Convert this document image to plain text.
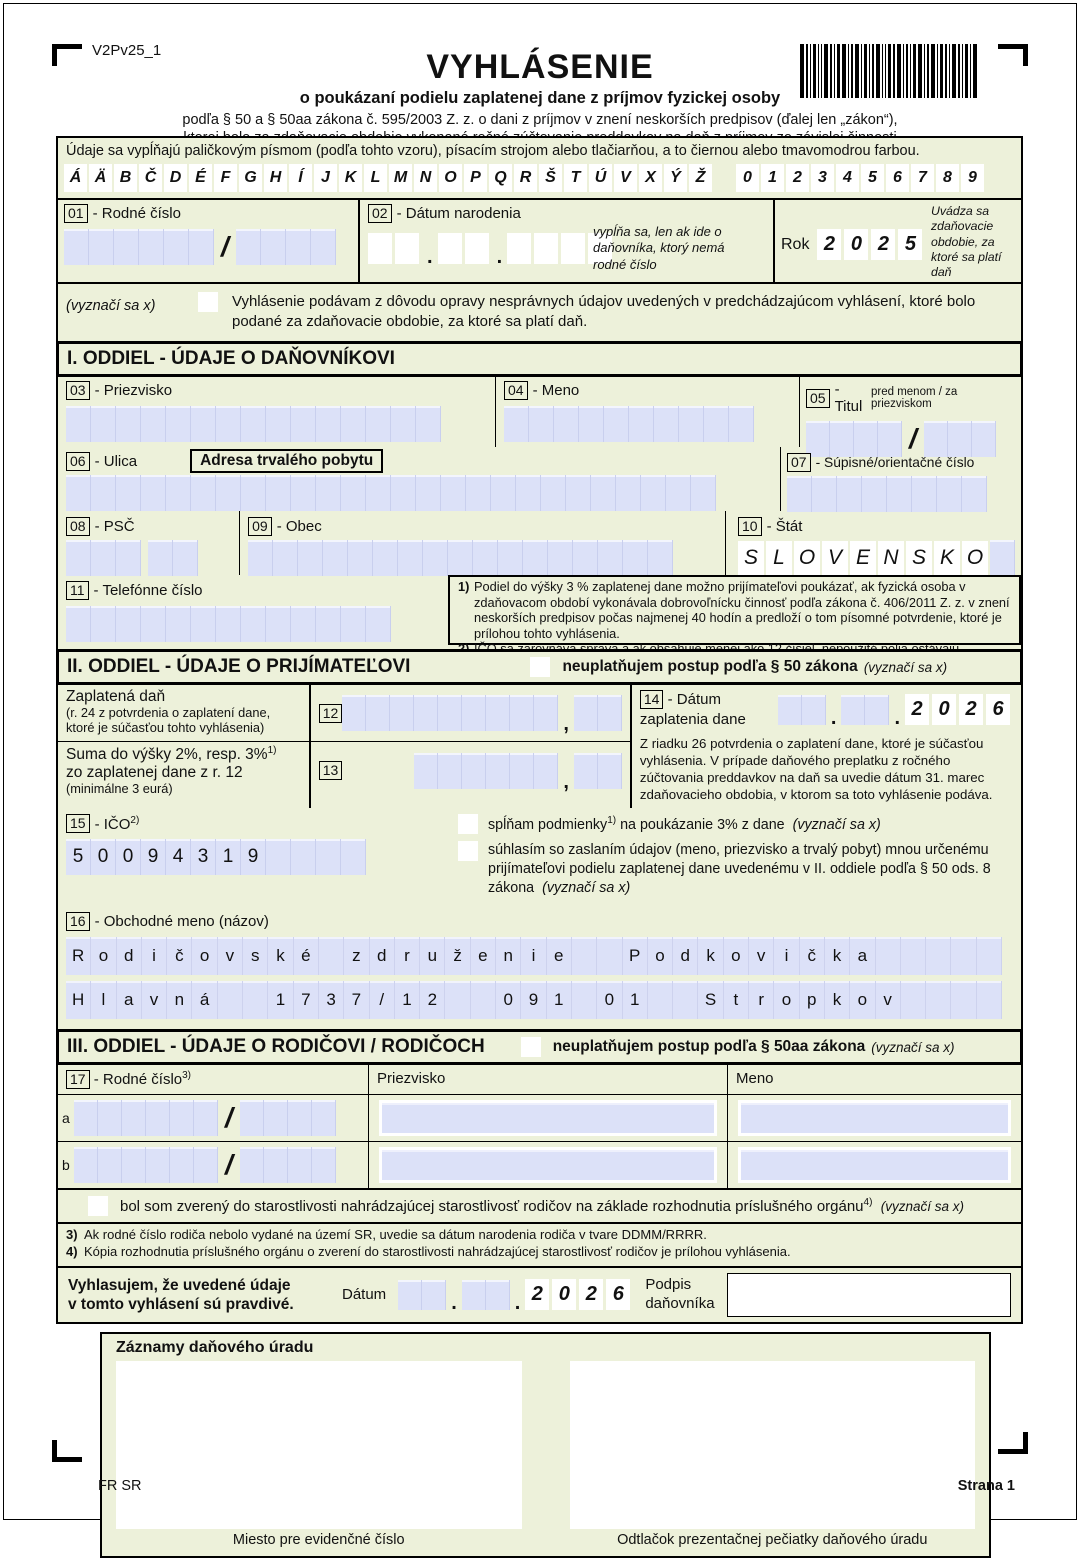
V2Pv25_1	VYHLÁSENIE
o poukázaní podielu zaplatenej dane z príjmov fyzickej osoby
podľa § 50 a § 50aa zákona č. 595/2003 Z. z. o dani z príjmov v znení neskorších predpisov (ďalej len „zákon“),
Údaje sa vypĺňajú paličkovým písmom (podľa tohto vzoru), písacím strojom alebo tlačiarňou, a to čiernou alebo tmavomodrou farbou.
Á Ä B Č D É F G H	Í	J K L M N O P Q R Š T Ú V X Ý Ž	0	1	2	3	4	5	6	7	8	9
01 - Rodné číslo

/

02 - Dátum narodenia

.

	.

vypĺňa sa, len ak ide o daňovníka, ktorý nemá rodné číslo
Uvádza sa zdaňovacie obdobie, za ktoré sa platí daň
Rok 2 0 2 5
(vyznačí sa x)	Vyhlásenie podávam z dôvodu opravy nesprávnych údajov uvedených v predchádzajúcom vyhlásení, ktoré bolo podané za zdaňovacie obdobie, za ktoré sa platí daň.
I. ODDIEL - ÚDAJE O DAŇOVNÍKOVI
03 - Priezvisko

	04 - Meno

	05 -Titul
pred menom / za priezviskom

/

06 - Ulica	Adresa trvalého pobytu

	07 - Súpisné/orientačné číslo

08 - PSČ

	09 - Obec

	10 - Štát
S L O V E N S K O

11 - Telefónne číslo

	1) Podiel do výšky 3 % zaplatenej dane možno prijímateľovi poukázať, ak fyzická osoba v zdaňovacom období vykonávala dobrovoľnícku činnosť podľa zákona č. 406/2011 Z. z. v znení neskorších predpisov počas najmenej 40 hodín a predloží o tom písomné potvrdenie, ktoré je prílohou tohto vyhlásenia.
II. ODDIEL - ÚDAJE O PRIJÍMATEĽOVI	neuplatňujem postup podľa § 50 zákona (vyznačí sa x)
Zaplatená daň
(r. 24 z potvrdenia o zaplatení dane,
ktoré je súčasťou tohto vyhlásenia)
Suma do výšky 2%, resp. 3%$^{1)}$
zo zaplatenej dane z r. 12
(minimálne 3 eurá)
12

,

13

,

14 - Dátum
zaplatenia dane

	.

	. 2 0 2 6
Z riadku 26 potvrdenia o zaplatení dane, ktoré je súčasťou vyhlásenia. V prípade daňového preplatku z ročného zúčtovania preddavkov na daň sa uvedie dátum 31. marec zdaňovacieho obdobia, v ktorom sa toto vyhlásenie podáva.
15 - IČO$^{2)}$
5 0 0 9 4 3 1 9

spĺňam podmienky$^{1)}$ na poukázanie 3% z dane (vyznačí sa x)
súhlasím so zaslaním údajov (meno, priezvisko a trvalý pobyt) mnou určenému prijímateľovi podielu zaplatenej dane uvedenému v II. oddiele podľa § 50 ods. 8 zákona (vyznačí sa x)
16 - Obchodné meno (názov)
R o d	i	č o v s k é
	z d	r	u ž e n	i	e

	P o d k o v	i	č k a

H	l	a v n á

	1 7 3 7	/	1 2

	0 9 1
	0 1

	S	t	r	o p k o v

III. ODDIEL - ÚDAJE O RODIČOVI / RODIČOCH	neuplatňujem postup podľa § 50aa zákona (vyznačí sa x)
17 - Rodné číslo$^{3)}$	Priezvisko	Meno
a

	/

b

	/

bol som zverený do starostlivosti nahrádzajúcej starostlivosť rodičov na základe rozhodnutia príslušného orgánu$^{4)}$ (vyznačí sa x)
3) Ak rodné číslo rodiča nebolo vydané na území SR, uvedie sa dátum narodenia rodiča v tvare DDMM/RRRR.
4) Kópia rozhodnutia príslušného orgánu o zverení do starostlivosti nahrádzajúcej starostlivosť rodičov je prílohou vyhlásenia.
Vyhlasujem, že uvedené údaje
v tomto vyhlásení sú pravdivé.
Dátum

	.

	. 2 0 2 6	Podpis
daňovníka
Záznamy daňového úradu
Miesto pre evidenčné číslo	Odtlačok prezentačnej pečiatky daňového úradu
FR SR	Strana 1
